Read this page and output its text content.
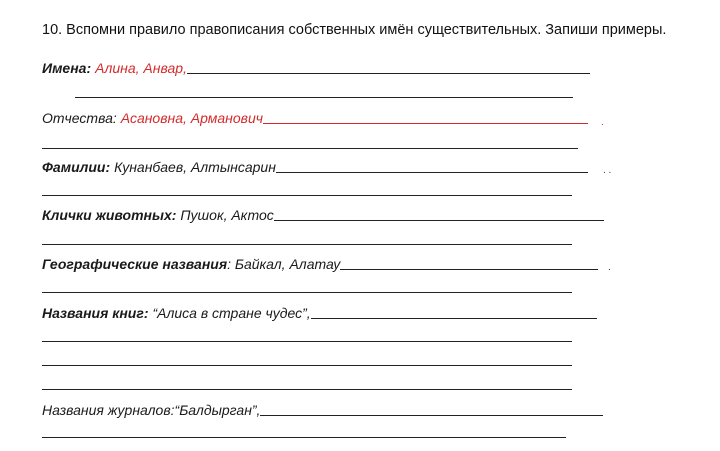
10. Вспомни правило правописания собственных имён существительных. Запиши примеры.
Имена: Алина, Анвар,
Отчества: Асановна, Арманович	.
Фамилии: Кунанбаев, Алтынсарин	. .
Клички животных: Пушок, Актос
Географические названия : Байкал, Алатау	.
Названия книг: “Алиса в стране чудес”,
Названия журналов: “Балдырган”,
